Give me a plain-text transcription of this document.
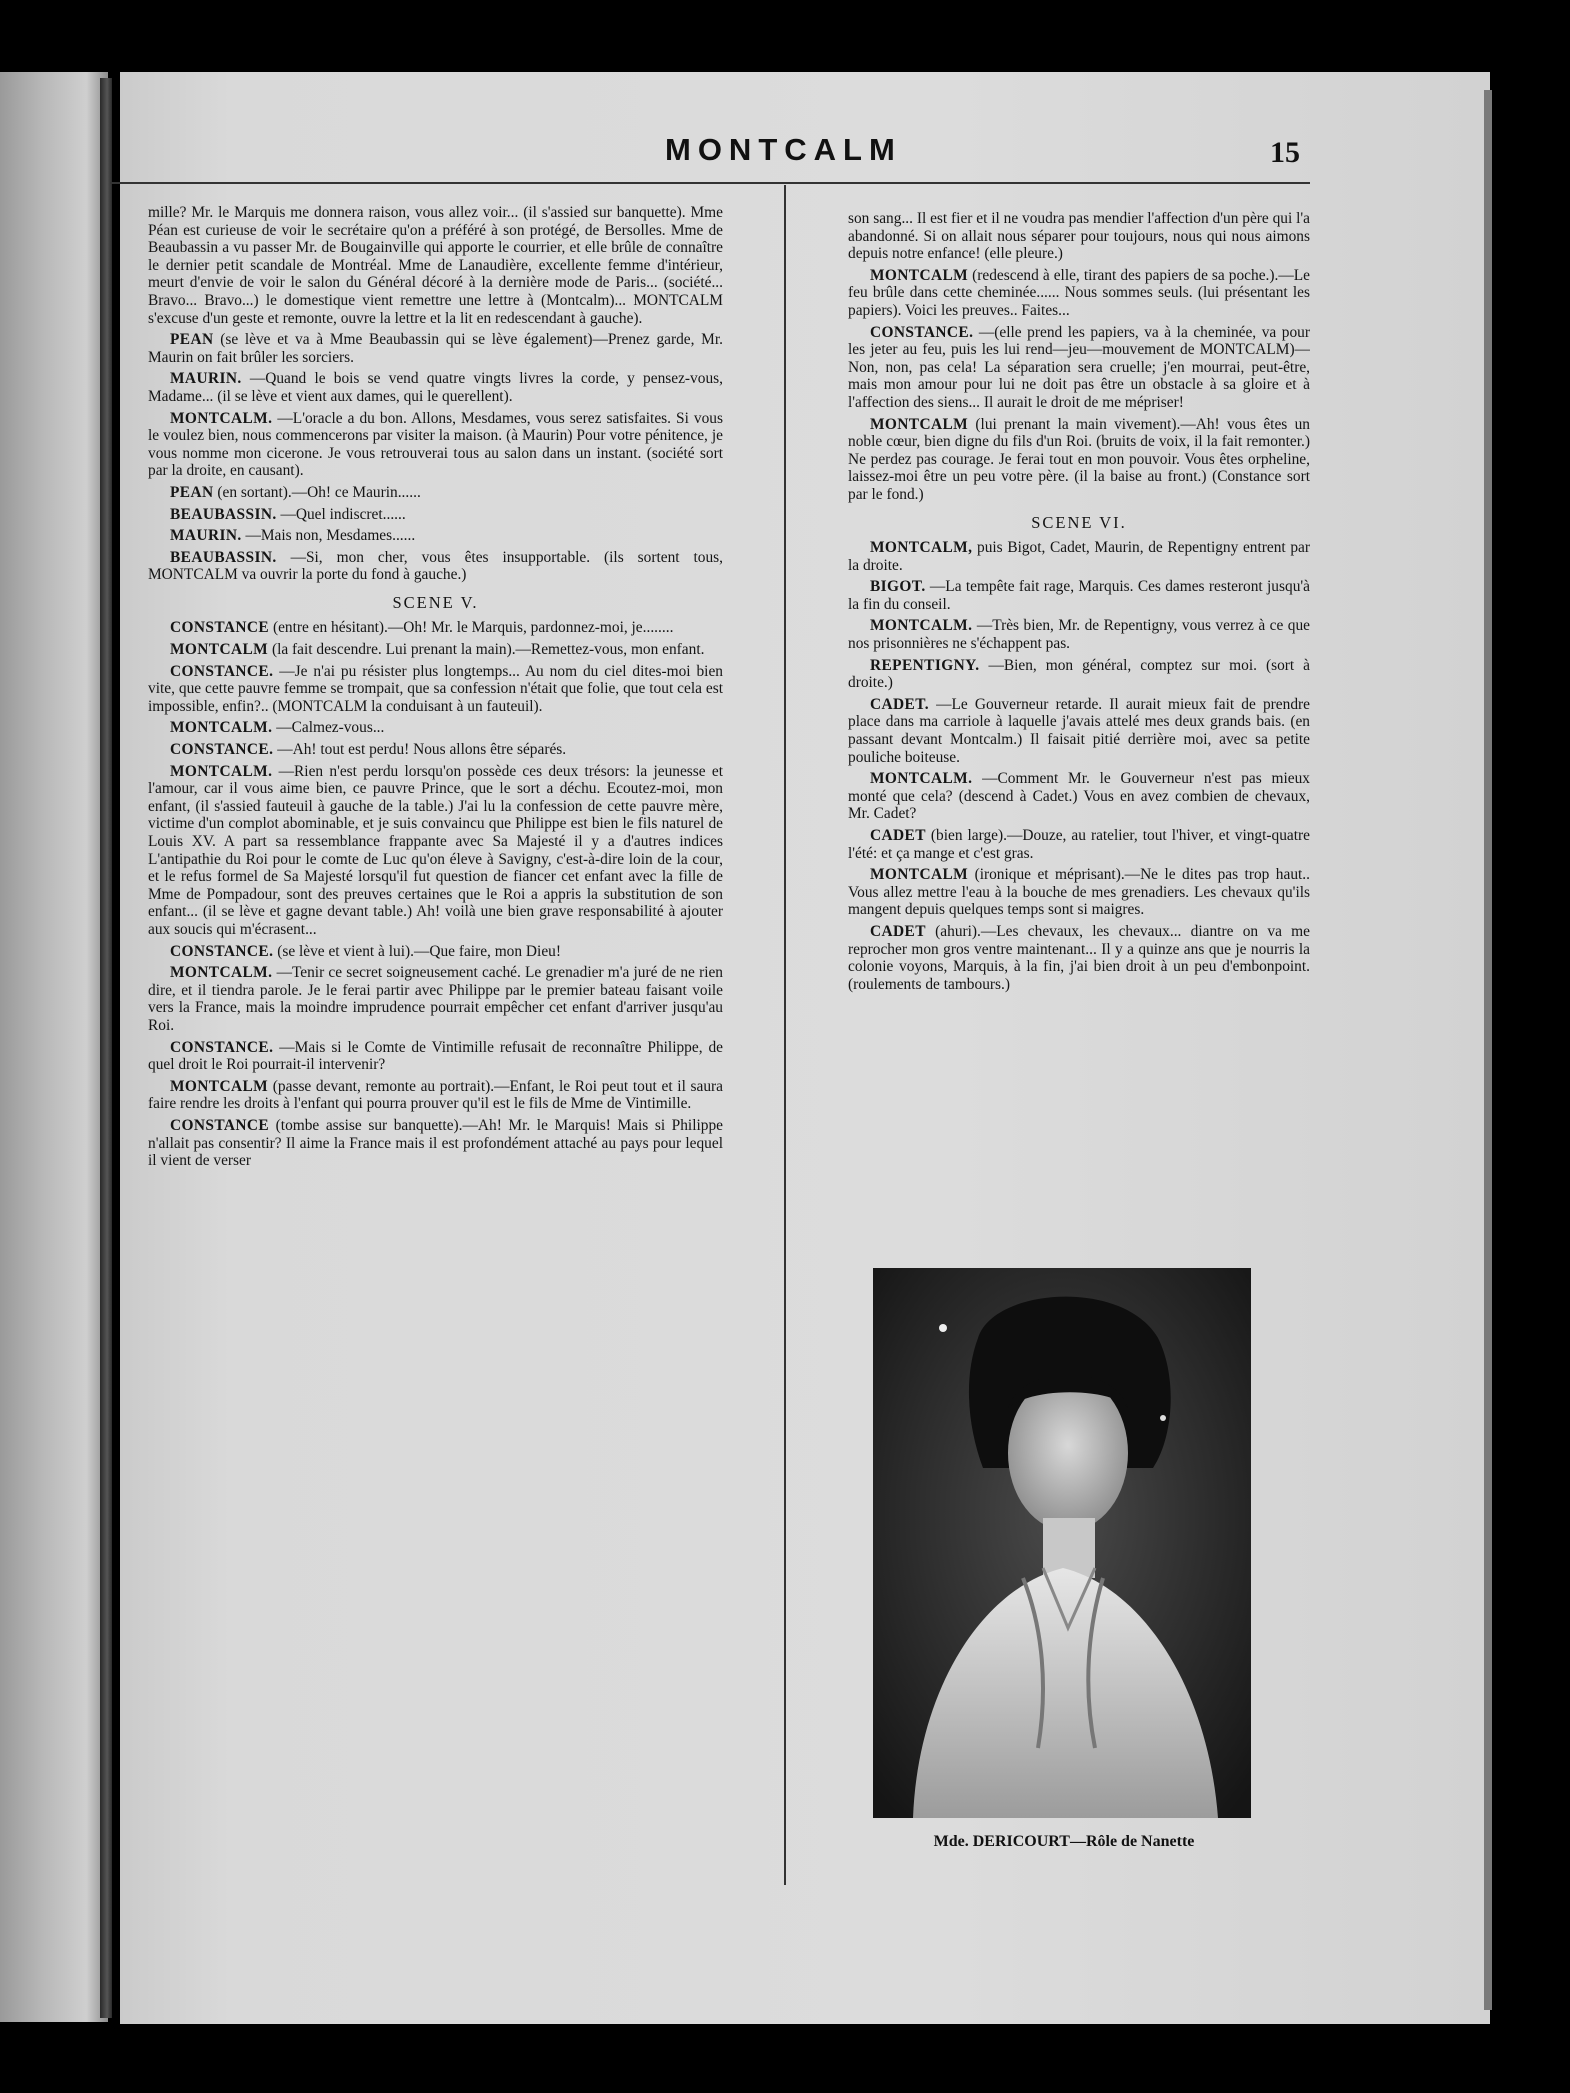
MONTCALM	15

mille? Mr. le Marquis me donnera raison, vous allez voir... (il s'assied sur banquette). Mme Péan est curieuse de voir le secrétaire qu'on a préféré à son protégé, de Bersolles. Mme de Beaubassin a vu passer Mr. de Bougainville qui apporte le courrier, et elle brûle de connaître le dernier petit scandale de Montréal. Mme de Lanaudière, excellente femme d'intérieur, meurt d'envie de voir le salon du Général décoré à la dernière mode de Paris... (société... Bravo... Bravo...) le domestique vient remettre une lettre à (Montcalm)... MONTCALM s'excuse d'un geste et remonte, ouvre la lettre et la lit en redescendant à gauche).

PEAN (se lève et va à Mme Beaubassin qui se lève également)—Prenez garde, Mr. Maurin on fait brûler les sorciers.

MAURIN. —Quand le bois se vend quatre vingts livres la corde, y pensez-vous, Madame... (il se lève et vient aux dames, qui le querellent).

MONTCALM. —L'oracle a du bon. Allons, Mesdames, vous serez satisfaites. Si vous le voulez bien, nous commencerons par visiter la maison. (à Maurin) Pour votre pénitence, je vous nomme mon cicerone. Je vous retrouverai tous au salon dans un instant. (société sort par la droite, en causant).

PEAN (en sortant).—Oh! ce Maurin......

BEAUBASSIN. —Quel indiscret......

MAURIN. —Mais non, Mesdames......

BEAUBASSIN. —Si, mon cher, vous êtes insupportable. (ils sortent tous, MONTCALM va ouvrir la porte du fond à gauche.)

SCENE V.

CONSTANCE (entre en hésitant).—Oh! Mr. le Marquis, pardonnez-moi, je........

MONTCALM (la fait descendre. Lui prenant la main).—Remettez-vous, mon enfant.

CONSTANCE. —Je n'ai pu résister plus longtemps... Au nom du ciel dites-moi bien vite, que cette pauvre femme se trompait, que sa confession n'était que folie, que tout cela est impossible, enfin?.. (MONTCALM la conduisant à un fauteuil).

MONTCALM. —Calmez-vous...

CONSTANCE. —Ah! tout est perdu! Nous allons être séparés.

MONTCALM. —Rien n'est perdu lorsqu'on possède ces deux trésors: la jeunesse et l'amour, car il vous aime bien, ce pauvre Prince, que le sort a déchu. Ecoutez-moi, mon enfant, (il s'assied fauteuil à gauche de la table.) J'ai lu la confession de cette pauvre mère, victime d'un complot abominable, et je suis convaincu que Philippe est bien le fils naturel de Louis XV. A part sa ressemblance frappante avec Sa Majesté il y a d'autres indices L'antipathie du Roi pour le comte de Luc qu'on éleve à Savigny, c'est-à-dire loin de la cour, et le refus formel de Sa Majesté lorsqu'il fut question de fiancer cet enfant avec la fille de Mme de Pompadour, sont des preuves certaines que le Roi a appris la substitution de son enfant... (il se lève et gagne devant table.) Ah! voilà une bien grave responsabilité à ajouter aux soucis qui m'écrasent...

CONSTANCE. (se lève et vient à lui).—Que faire, mon Dieu!

MONTCALM. —Tenir ce secret soigneusement caché. Le grenadier m'a juré de ne rien dire, et il tiendra parole. Je le ferai partir avec Philippe par le premier bateau faisant voile vers la France, mais la moindre imprudence pourrait empêcher cet enfant d'arriver jusqu'au Roi.

CONSTANCE. —Mais si le Comte de Vintimille refusait de reconnaître Philippe, de quel droit le Roi pourrait-il intervenir?

MONTCALM (passe devant, remonte au portrait).—Enfant, le Roi peut tout et il saura faire rendre les droits à l'enfant qui pourra prouver qu'il est le fils de Mme de Vintimille.

CONSTANCE (tombe assise sur banquette).—Ah! Mr. le Marquis! Mais si Philippe n'allait pas consentir? Il aime la France mais il est profondément attaché au pays pour lequel il vient de verser

son sang... Il est fier et il ne voudra pas mendier l'affection d'un père qui l'a abandonné. Si on allait nous séparer pour toujours, nous qui nous aimons depuis notre enfance! (elle pleure.)

MONTCALM (redescend à elle, tirant des papiers de sa poche.).—Le feu brûle dans cette cheminée...... Nous sommes seuls. (lui présentant les papiers). Voici les preuves.. Faites...

CONSTANCE. —(elle prend les papiers, va à la cheminée, va pour les jeter au feu, puis les lui rend—jeu—mouvement de MONTCALM)—Non, non, pas cela! La séparation sera cruelle; j'en mourrai, peut-être, mais mon amour pour lui ne doit pas être un obstacle à sa gloire et à l'affection des siens... Il aurait le droit de me mépriser!

MONTCALM (lui prenant la main vivement).—Ah! vous êtes un noble cœur, bien digne du fils d'un Roi. (bruits de voix, il la fait remonter.) Ne perdez pas courage. Je ferai tout en mon pouvoir. Vous êtes orpheline, laissez-moi être un peu votre père. (il la baise au front.) (Constance sort par le fond.)

SCENE VI.

MONTCALM, puis Bigot, Cadet, Maurin, de Repentigny entrent par la droite.

BIGOT. —La tempête fait rage, Marquis. Ces dames resteront jusqu'à la fin du conseil.

MONTCALM. —Très bien, Mr. de Repentigny, vous verrez à ce que nos prisonnières ne s'échappent pas.

REPENTIGNY. —Bien, mon général, comptez sur moi. (sort à droite.)

CADET. —Le Gouverneur retarde. Il aurait mieux fait de prendre place dans ma carriole à laquelle j'avais attelé mes deux grands bais. (en passant devant Montcalm.) Il faisait pitié derrière moi, avec sa petite pouliche boiteuse.

MONTCALM. —Comment Mr. le Gouverneur n'est pas mieux monté que cela? (descend à Cadet.) Vous en avez combien de chevaux, Mr. Cadet?

CADET (bien large).—Douze, au ratelier, tout l'hiver, et vingt-quatre l'été: et ça mange et c'est gras.

MONTCALM (ironique et méprisant).—Ne le dites pas trop haut.. Vous allez mettre l'eau à la bouche de mes grenadiers. Les chevaux qu'ils mangent depuis quelques temps sont si maigres.

CADET (ahuri).—Les chevaux, les chevaux... diantre on va me reprocher mon gros ventre maintenant... Il y a quinze ans que je nourris la colonie voyons, Marquis, à la fin, j'ai bien droit à un peu d'embonpoint. (roulements de tambours.)

Mde. DERICOURT—Rôle de Nanette
